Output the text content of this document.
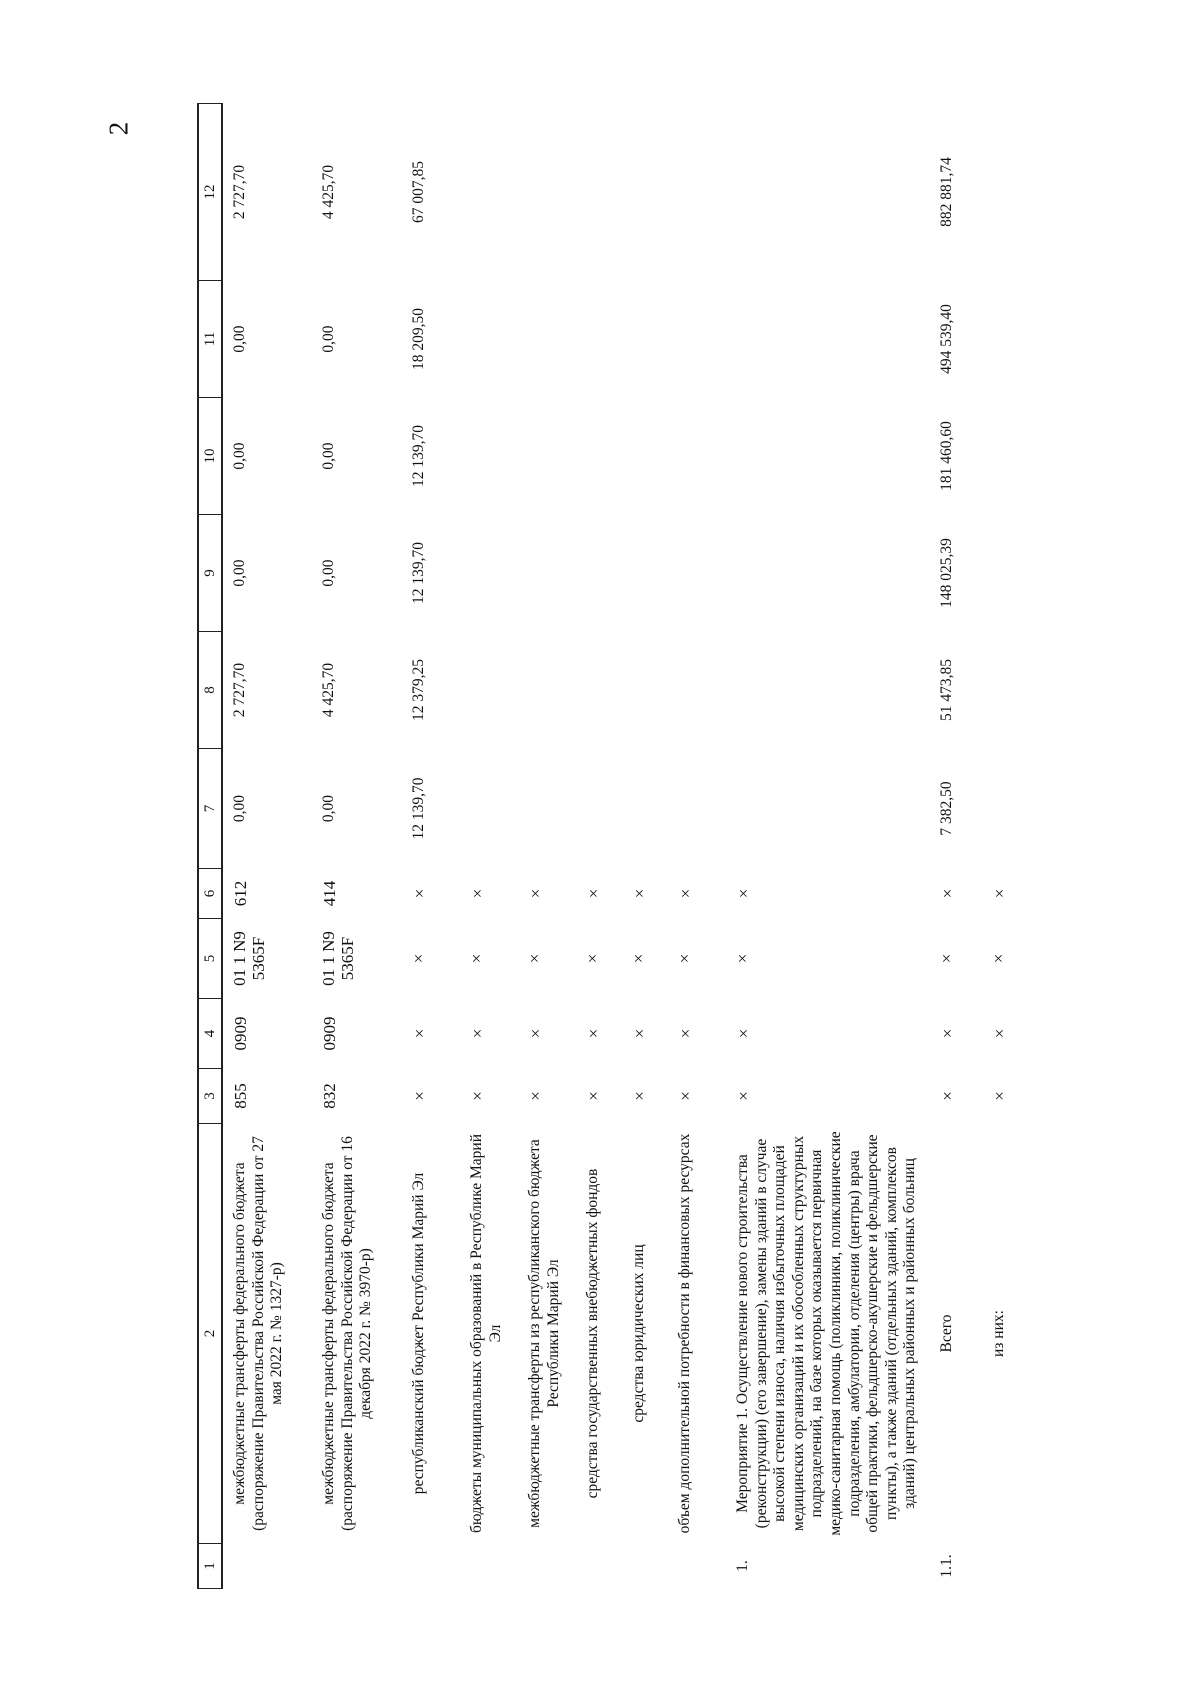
2
1	2	3	4	5	6	7	8	9	10	11	12
	межбюджетные трансферты федерального бюджета (распоряжение Правительства Российской Федерации от 27 мая 2022 г. № 1327-р)	855	0909	01 1 N9 5365F	612	0,00	2 727,70	0,00	0,00	0,00	2 727,70
	межбюджетные трансферты федерального бюджета (распоряжение Правительства Российской Федерации от 16 декабря 2022 г. № 3970-р)	832	0909	01 1 N9 5365F	414	0,00	4 425,70	0,00	0,00	0,00	4 425,70
	республиканский бюджет Республики Марий Эл	×	×	×	×	12 139,70	12 379,25	12 139,70	12 139,70	18 209,50	67 007,85
	бюджеты муниципальных образований в Республике Марий Эл	×	×	×	×						
	межбюджетные трансферты из республиканского бюджета Республики Марий Эл	×	×	×	×						
	средства государственных внебюджетных фондов	×	×	×	×						
	средства юридических лиц	×	×	×	×						
	объем дополнительной потребности в финансовых ресурсах	×	×	×	×						
1.	Мероприятие 1. Осуществление нового строительства (реконструкции) (его завершение), замены зданий в случае высокой степени износа, наличия избыточных площадей медицинских организаций и их обособленных структурных подразделений, на базе которых оказывается первичная медико-санитарная помощь (поликлиники, поликлинические подразделения, амбулатории, отделения (центры) врача общей практики, фельдшерско-акушерские и фельдшерские пункты), а также зданий (отдельных зданий, комплексов зданий) центральных районных и районных больниц	×	×	×	×						
1.1.	Всего	×	×	×	×	7 382,50	51 473,85	148 025,39	181 460,60	494 539,40	882 881,74
	из них:	×	×	×	×						
